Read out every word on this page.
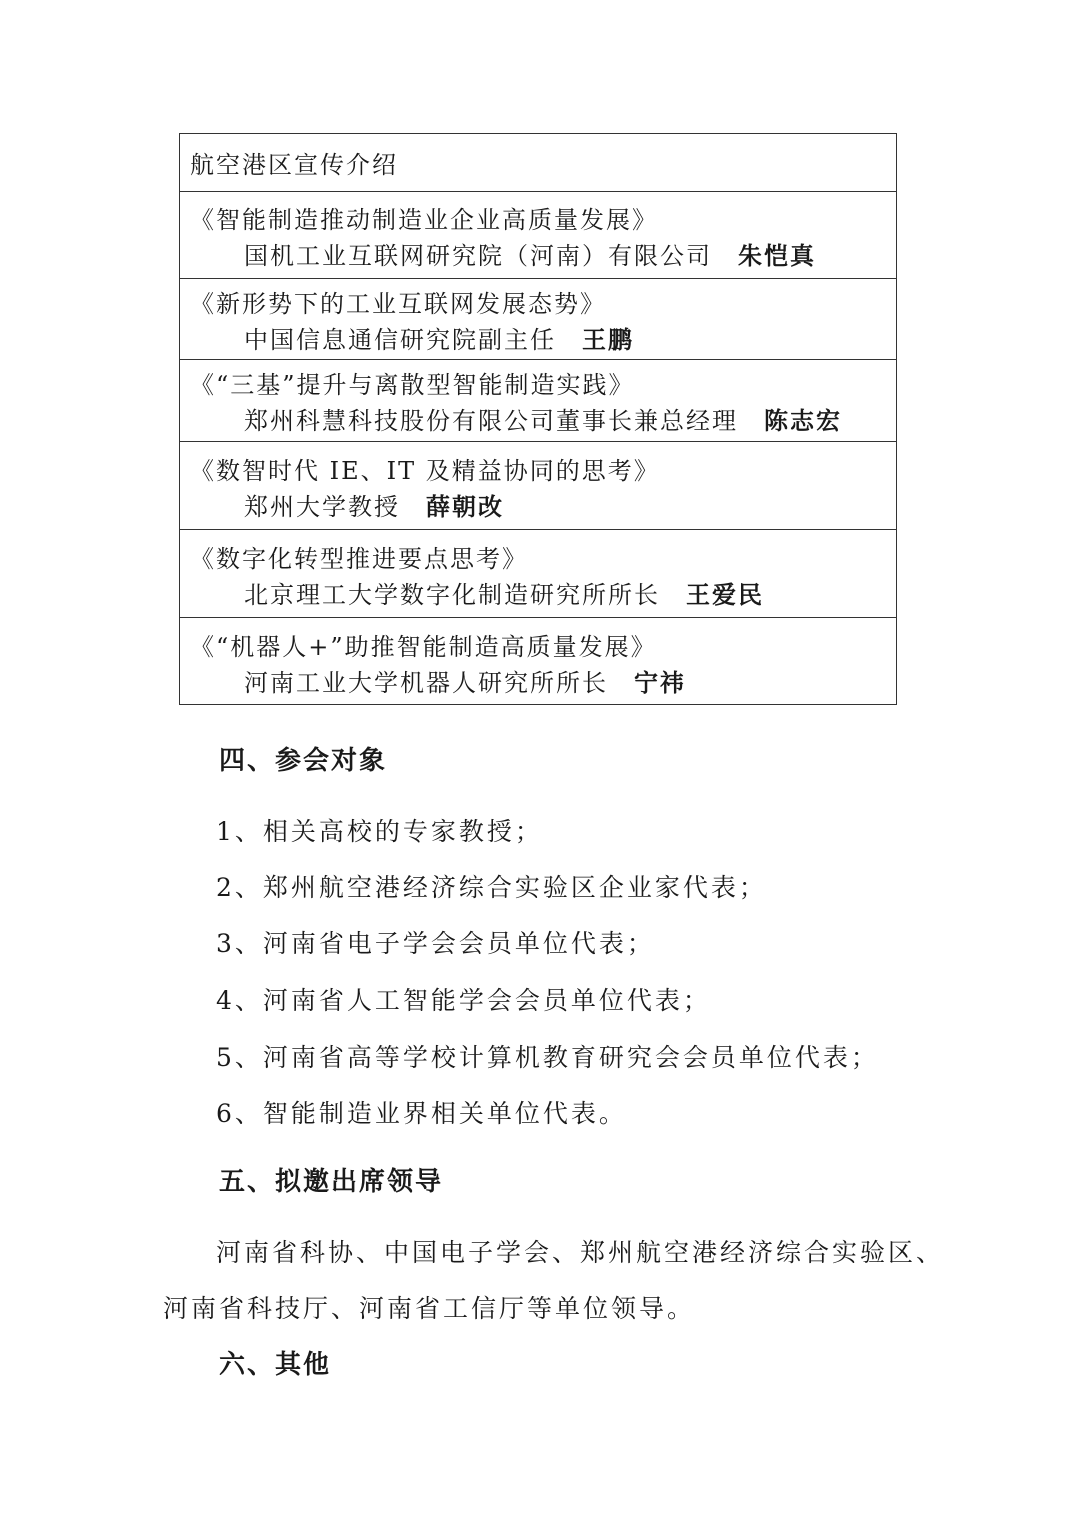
航空港区宣传介绍
《智能制造推动制造业企业高质量发展》
国机工业互联网研究院（河南）有限公司 朱恺真
《新形势下的工业互联网发展态势》
中国信息通信研究院副主任 王鹏
《“三基”提升与离散型智能制造实践》
郑州科慧科技股份有限公司董事长兼总经理 陈志宏
《数智时代 IE、IT 及精益协同的思考》
郑州大学教授 薛朝改
《数字化转型推进要点思考》
北京理工大学数字化制造研究所所长 王爱民
《“机器人+”助推智能制造高质量发展》
河南工业大学机器人研究所所长 宁祎
四、参会对象
1、相关高校的专家教授；
2、郑州航空港经济综合实验区企业家代表；
3、河南省电子学会会员单位代表；
4、河南省人工智能学会会员单位代表；
5、河南省高等学校计算机教育研究会会员单位代表；
6、智能制造业界相关单位代表。
五、拟邀出席领导
河南省科协、中国电子学会、郑州航空港经济综合实验区、
河南省科技厅、河南省工信厅等单位领导。
六、其他
